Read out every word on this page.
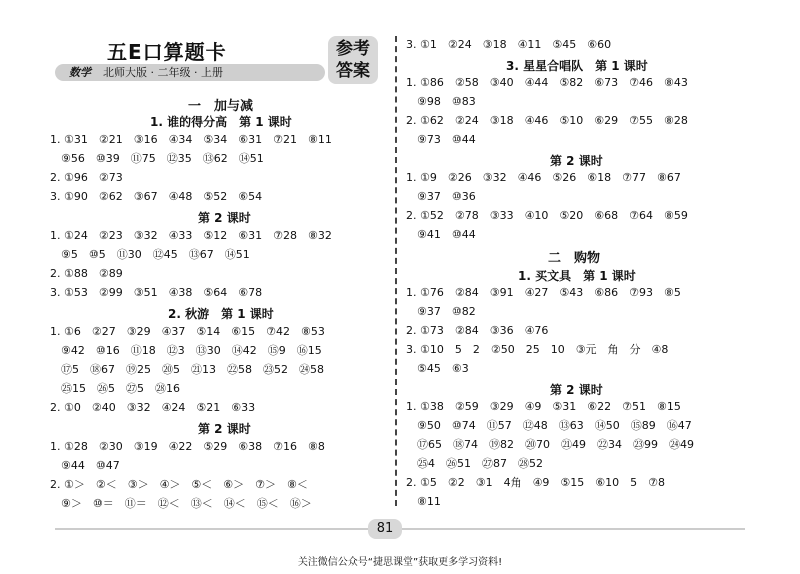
五E口算题卡
数学 北师大版 · 二年级 · 上册
参考
答案
一　加与减
1. 谁的得分高　第 1 课时
1. ①31　②21　③16　④34　⑤34　⑥31　⑦21　⑧11
　⑨56　⑩39　⑪75　⑫35　⑬62　⑭51
2. ①96　②73
3. ①90　②62　③67　④48　⑤52　⑥54
第 2 课时
1. ①24　②23　③32　④33　⑤12　⑥31　⑦28　⑧32
　⑨5　⑩5　⑪30　⑫45　⑬67　⑭51
2. ①88　②89
3. ①53　②99　③51　④38　⑤64　⑥78
2. 秋游　第 1 课时
1. ①6　②27　③29　④37　⑤14　⑥15　⑦42　⑧53
　⑨42　⑩16　⑪18　⑫3　⑬30　⑭42　⑮9　⑯15
　⑰5　⑱67　⑲25　⑳5　㉑13　㉒58　㉓52　㉔58
　㉕15　㉖5　㉗5　㉘16
2. ①0　②40　③32　④24　⑤21　⑥33
第 2 课时
1. ①28　②30　③19　④22　⑤29　⑥38　⑦16　⑧8
　⑨44　⑩47
2. ①＞　②＜　③＞　④＞　⑤＜　⑥＞　⑦＞　⑧＜
　⑨＞　⑩＝　⑪＝　⑫＜　⑬＜　⑭＜　⑮＜　⑯＞
3. ①1　②24　③18　④11　⑤45　⑥60
3. 星星合唱队　第 1 课时
1. ①86　②58　③40　④44　⑤82　⑥73　⑦46　⑧43
　⑨98　⑩83
2. ①62　②24　③18　④46　⑤10　⑥29　⑦55　⑧28
　⑨73　⑩44
第 2 课时
1. ①9　②26　③32　④46　⑤26　⑥18　⑦77　⑧67
　⑨37　⑩36
2. ①52　②78　③33　④10　⑤20　⑥68　⑦64　⑧59
　⑨41　⑩44
二　购物
1. 买文具　第 1 课时
1. ①76　②84　③91　④27　⑤43　⑥86　⑦93　⑧5
　⑨37　⑩82
2. ①73　②84　③36　④76
3. ①10　5　2　②50　25　10　③元　角　分　④8
　⑤45　⑥3
第 2 课时
1. ①38　②59　③29　④9　⑤31　⑥22　⑦51　⑧15
　⑨50　⑩74　⑪57　⑫48　⑬63　⑭50　⑮89　⑯47
　⑰65　⑱74　⑲82　⑳70　㉑49　㉒34　㉓99　㉔49
　㉕4　㉖51　㉗87　㉘52
2. ①5　②2　③1　4角　④9　⑤15　⑥10　5　⑦8
　⑧11
81
关注微信公众号“捷思课堂”获取更多学习资料!
